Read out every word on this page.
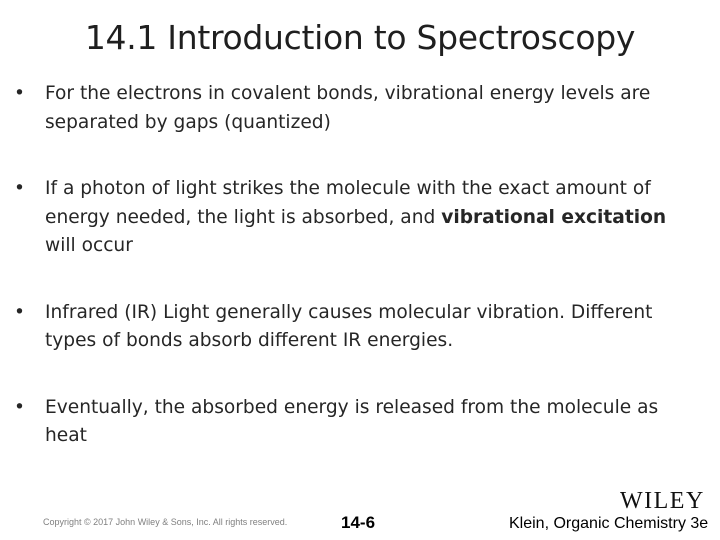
14.1 Introduction to Spectroscopy
•	For the electrons in covalent bonds, vibrational energy levels are
separated by gaps (quantized)
•	If a photon of light strikes the molecule with the exact amount of
energy needed, the light is absorbed, and vibrational excitation
will occur
•	Infrared (IR) Light generally causes molecular vibration. Different
types of bonds absorb different IR energies.
•	Eventually, the absorbed energy is released from the molecule as
heat
Copyright © 2017 John Wiley & Sons, Inc. All rights reserved.	14-6
WILEY
Klein, Organic Chemistry 3e
